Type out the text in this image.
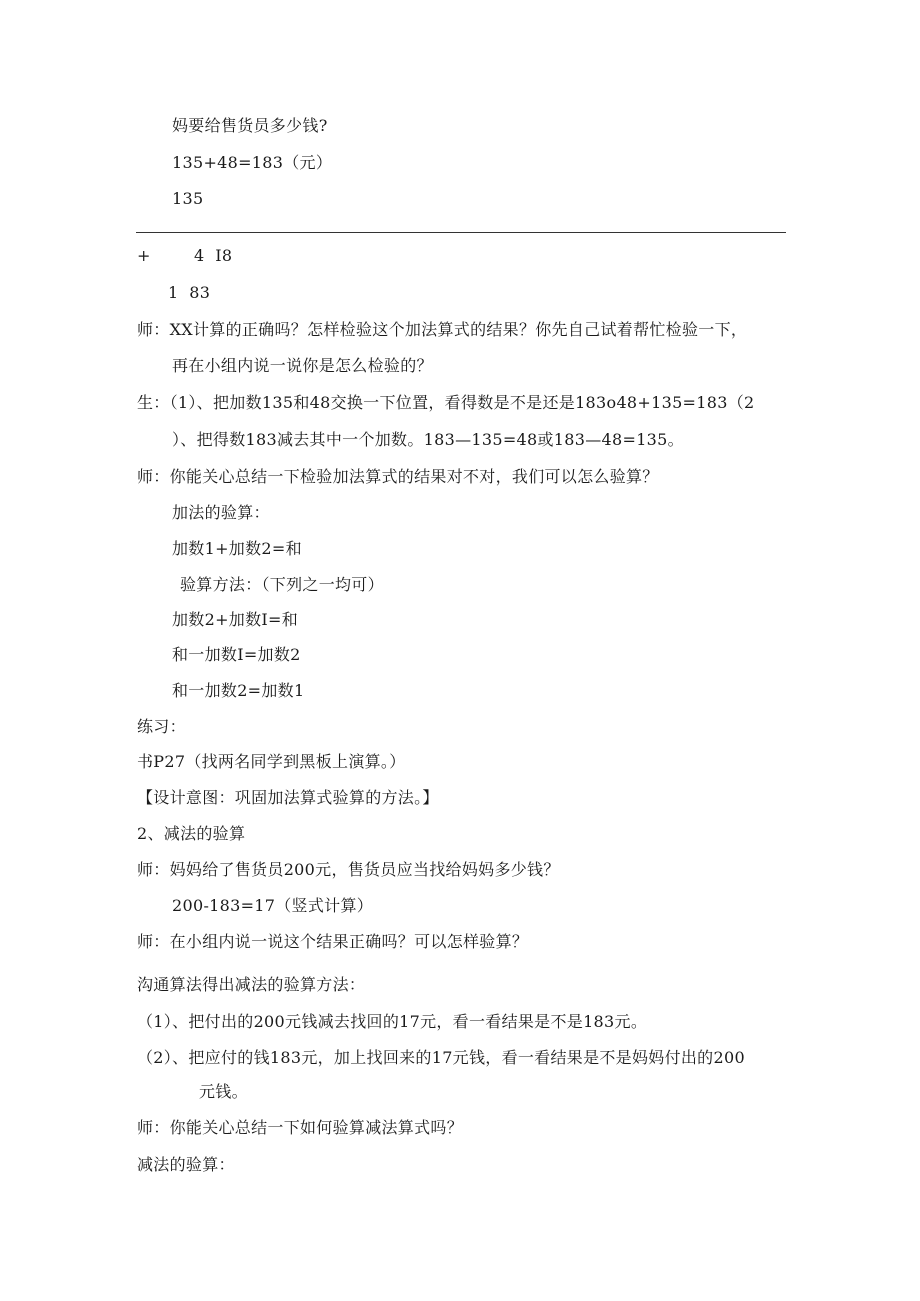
妈要给售货员多少钱?
135+48=183（元）
135
+	4  I8
1  83
师：XX计算的正确吗？怎样检验这个加法算式的结果？你先自己试着帮忙检验一下，
再在小组内说一说你是怎么检验的？
生：（1）、把加数135和48交换一下位置，看得数是不是还是183o48+135=183（2
）、把得数183减去其中一个加数。183—135=48或183—48=135。
师：你能关心总结一下检验加法算式的结果对不对，我们可以怎么验算？
加法的验算：
加数1+加数2=和
验算方法：（下列之一均可）
加数2+加数I=和
和一加数I=加数2
和一加数2=加数1
练习：
书P27（找两名同学到黑板上演算。）
【设计意图：巩固加法算式验算的方法。】
2、减法的验算
师：妈妈给了售货员200元，售货员应当找给妈妈多少钱？
200-183=17（竖式计算）
师：在小组内说一说这个结果正确吗？可以怎样验算？
沟通算法得出减法的验算方法：
（1）、把付出的200元钱减去找回的17元，看一看结果是不是183元。
（2）、把应付的钱183元，加上找回来的17元钱，看一看结果是不是妈妈付出的200
元钱。
师：你能关心总结一下如何验算减法算式吗？
减法的验算：
